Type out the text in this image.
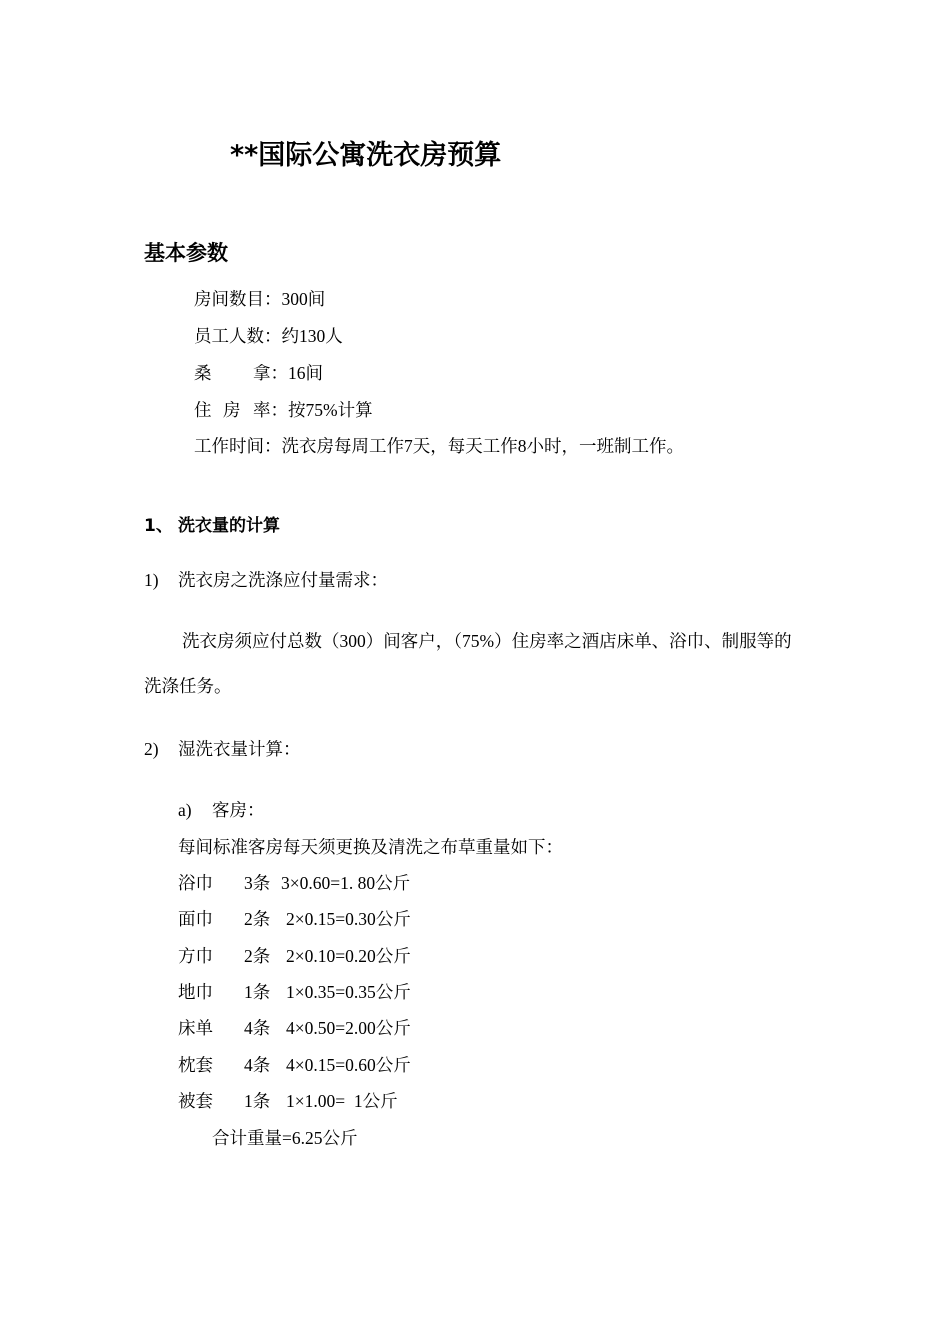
**国际公寓洗衣房预算
基本参数
房间数目：300间
员工人数：约130人
桑 拿：16间
住 房 率：按75%计算
工作时间：洗衣房每周工作7天，每天工作8小时，一班制工作。
1、 洗衣量的计算
1) 洗衣房之洗涤应付量需求：
洗衣房须应付总数（300）间客户，（75%）住房率之酒店床单、浴巾、制服等的洗涤任务。
2) 湿洗衣量计算：
a) 客房：
每间标准客房每天须更换及清洗之布草重量如下：
浴巾 3条 3×0.60=1. 80公斤
面巾 2条 2×0.15=0.30公斤
方巾 2条 2×0.10=0.20公斤
地巾 1条 1×0.35=0.35公斤
床单 4条 4×0.50=2.00公斤
枕套 4条 4×0.15=0.60公斤
被套 1条 1×1.00=  1公斤
合计重量=6.25公斤
